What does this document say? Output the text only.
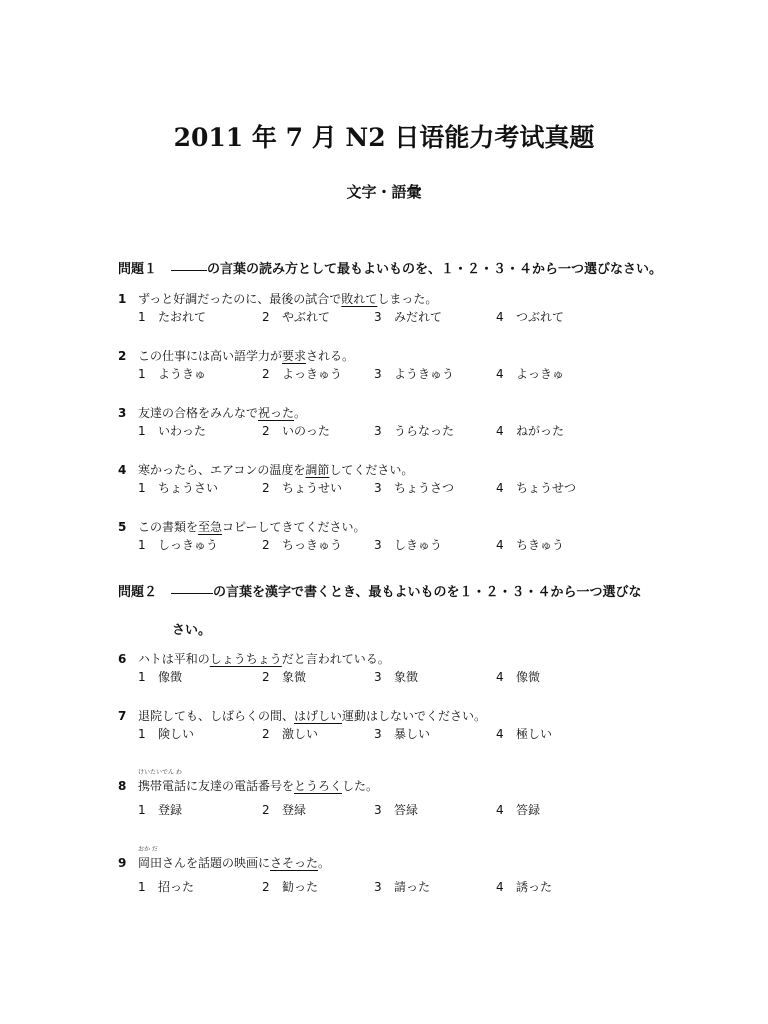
2011 年 7 月 N2 日语能力考试真题
文字・語彙
問題１	の言葉の読み方として最もよいものを、１・２・３・４から一つ選びなさい。
1 ずっと好調だったのに、最後の試合で敗れてしまった。
1 たおれて	2 やぶれて	3 みだれて	4 つぶれて
2 この仕事には高い語学力が要求される。
1 ようきゅ	2 よっきゅう	3 ようきゅう	4 よっきゅ
3 友達の合格をみんなで祝った。
1 いわった	2 いのった	3 うらなった	4 ねがった
4 寒かったら、エアコンの温度を調節してください。
1 ちょうさい	2 ちょうせい	3 ちょうさつ	4 ちょうせつ
5 この書類を至急コピーしてきてください。
1 しっきゅう	2 ちっきゅう	3 しきゅう	4 ちきゅう
問題２	の言葉を漢字で書くとき、最もよいものを１・２・３・４から一つ選びな
さい。
6 ハトは平和のしょうちょうだと言われている。
1 像徴	2 象微	3 象徴	4 像微
7 退院しても、しばらくの間、はげしい運動はしないでください。
1 険しい	2 激しい	3 暴しい	4 極しい
けいたいでん わ
8 携帯電話に友達の電話番号をとうろくした。
1 登録	2 登緑	3 答緑	4 答録
おか だ
9 岡田さんを話題の映画にさそった。
1 招った	2 勧った	3 請った	4 誘った
